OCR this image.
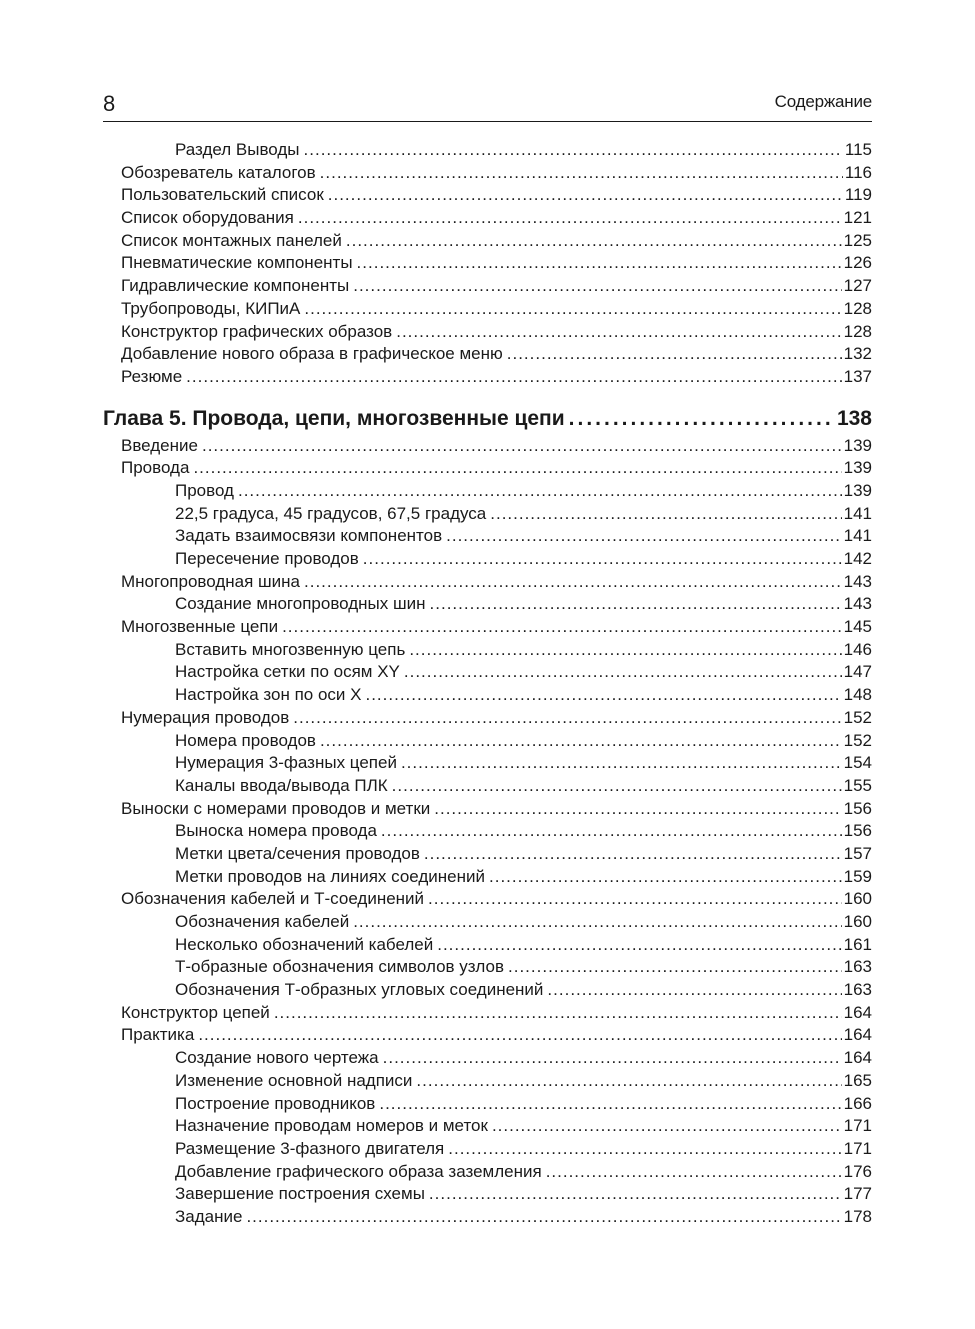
8	Содержание
Раздел Выводы .....	115
Обозреватель каталогов .....	116
Пользовательский список .....	119
Список оборудования .....	121
Список монтажных панелей .....	125
Пневматические компоненты .....	126
Гидравлические компоненты .....	127
Трубопроводы, КИПиА .....	128
Конструктор графических образов .....	128
Добавление нового образа в графическое меню .....	132
Резюме .....	137
Глава 5. Провода, цепи, многозвенные цепи .....	138
Введение .....	139
Провода .....	139
Провод .....	139
22,5 градуса, 45 градусов, 67,5 градуса .....	141
Задать взаимосвязи компонентов .....	141
Пересечение проводов .....	142
Многопроводная шина .....	143
Создание многопроводных шин .....	143
Многозвенные цепи .....	145
Вставить многозвенную цепь .....	146
Настройка сетки по осям XY .....	147
Настройка зон по оси X .....	148
Нумерация проводов .....	152
Номера проводов .....	152
Нумерация 3-фазных цепей .....	154
Каналы ввода/вывода ПЛК .....	155
Выноски с номерами проводов и метки .....	156
Выноска номера провода .....	156
Метки цвета/сечения проводов .....	157
Метки проводов на линиях соединений .....	159
Обозначения кабелей и Т-соединений .....	160
Обозначения кабелей .....	160
Несколько обозначений кабелей .....	161
Т-образные обозначения символов узлов .....	163
Обозначения Т-образных угловых соединений .....	163
Конструктор цепей .....	164
Практика .....	164
Создание нового чертежа .....	164
Изменение основной надписи .....	165
Построение проводников .....	166
Назначение проводам номеров и меток .....	171
Размещение 3-фазного двигателя .....	171
Добавление графического образа заземления .....	176
Завершение построения схемы .....	177
Задание .....	178
